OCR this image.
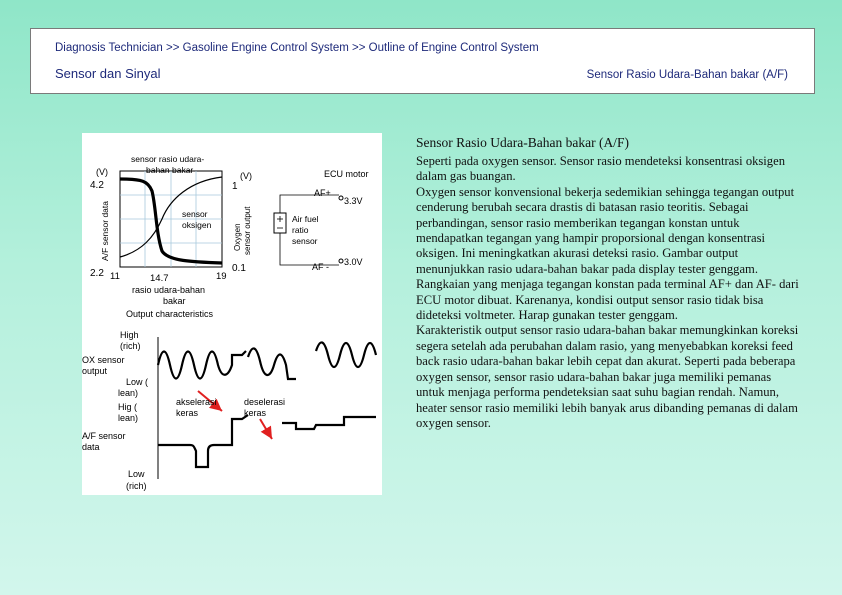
Diagnosis Technician >> Gasoline Engine Control System >> Outline of Engine Control System
Sensor dan Sinyal	Sensor Rasio Udara-Bahan bakar (A/F)
(V)
4.2
2.2
A/F sensor data
(V)
1
0.1
Oxygen sensor output
sensor rasio udara-
bahan bakar
sensor
oksigen
11	14.7	19
rasio udara-bahan
bakar
Output characteristics
ECU motor
AF+
AF -
3.3V
3.0V
Air fuel
ratio
sensor
High
(rich)
OX sensor
output
Low (
lean)
Hig (
lean)
A/F sensor
data
Low
(rich)
akselerasi
keras
deselerasi
keras
Sensor Rasio Udara-Bahan bakar (A/F)

Seperti pada oxygen sensor. Sensor rasio mendeteksi konsentrasi oksigen dalam gas buangan.

Oxygen sensor konvensional bekerja sedemikian sehingga tegangan output cenderung berubah secara drastis di batasan rasio teoritis. Sebagai perbandingan, sensor rasio memberikan tegangan konstan untuk mendapatkan tegangan yang hampir proporsional dengan konsentrasi oksigen. Ini meningkatkan akurasi deteksi rasio. Gambar output menunjukkan rasio udara-bahan bakar pada display tester genggam. Rangkaian yang menjaga tegangan konstan pada terminal AF+ dan AF- dari ECU motor dibuat. Karenanya, kondisi output sensor rasio tidak bisa dideteksi voltmeter. Harap gunakan tester genggam.

Karakteristik output sensor rasio udara-bahan bakar memungkinkan koreksi segera setelah ada perubahan dalam rasio, yang menyebabkan koreksi feed back rasio udara-bahan bakar lebih cepat dan akurat. Seperti pada beberapa oxygen sensor, sensor rasio udara-bahan bakar juga memiliki pemanas untuk menjaga performa pendeteksian saat suhu bagian rendah. Namun, heater sensor rasio memiliki lebih banyak arus dibanding pemanas di dalam oxygen sensor.
